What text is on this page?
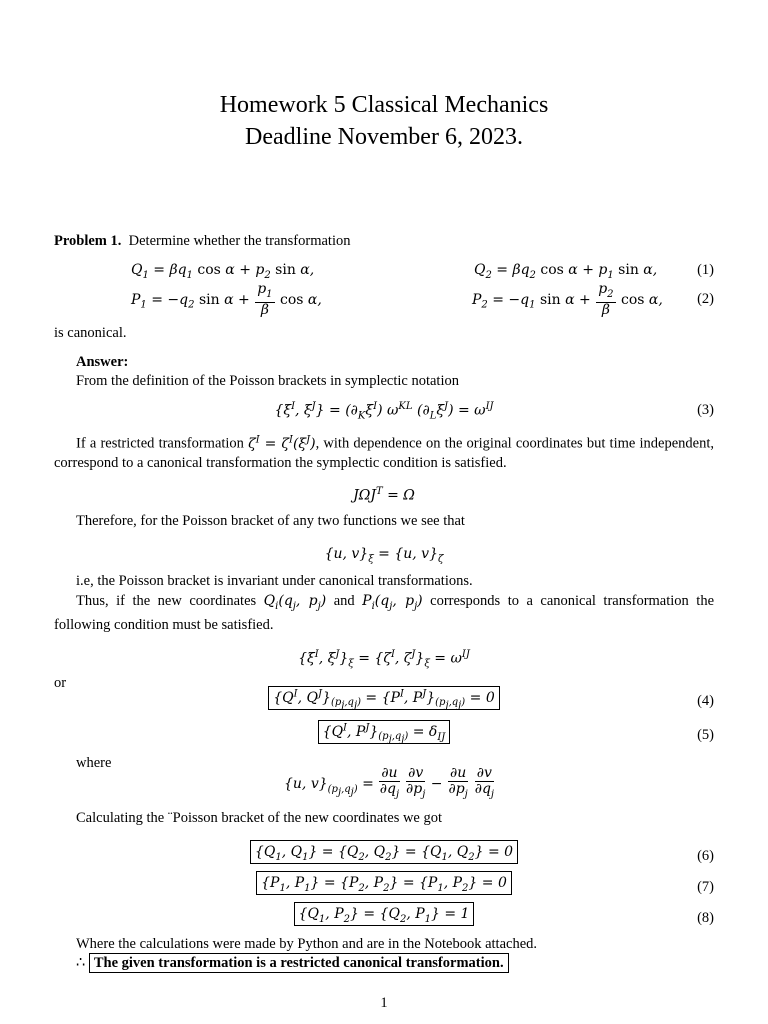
Homework 5 Classical Mechanics
Deadline November 6, 2023.
Problem 1. Determine whether the transformation
$Q_1 = \beta q_1$ $\cos \alpha + p_2$ sin α,	$Q_2 = \beta q_2$ $\cos \alpha + p_1$ sin α,	(1)
$P_1 = -q_2$ $\sin \alpha + \frac{p_1}{\beta}$ cos α,	$P_2 = -q_1$ $\sin \alpha + \frac{p_2}{\beta}$ cos α, (2)
is canonical.
Answer:
From the definition of the Poisson brackets in symplectic notation
{$\xi^I$, $\xi^J\} = (\partial_K\xi^I)$ $\omega^{KL}$ $(\partial_L\xi^J) = \omega^{IJ}$	(3)
If a restricted transformation $\zeta^I = \zeta^I(\xi^J)$, with dependence on the original coordinates but time independent, correspond to a canonical transformation the symplectic condition is satisfied.
$J\Omega J^T = \Omega$
Therefore, for the Poisson bracket of any two functions we see that
{u, $v\}_\xi = \{u$, $v\}_\zeta$
i.e, the Poisson bracket is invariant under canonical transformations.
Thus, if the new coordinates $Q_i(q_j$, $p_j$) and $P_i(q_j$, $p_j$) corresponds to a canonical transformation the following condition must be satisfied.
{$\xi^I$, $\xi^J\}_\xi = \{\zeta^I$, $\zeta^J\}_\xi = \omega^{IJ}$
or
{$Q^I$, $Q^J\}_{(p_j,q_j)} = \{P^I$, $P^J\}_{(p_j,q_j)} = 0$	(4)
{$Q^I$, $P^J\}_{(p_j,q_j)} = \delta_{IJ}$	(5)
where
{u, $v\}_{(p_j,q_j)} = \frac{\partial u}{\partial q_j}$
$\frac{\partial v}{\partial p_j} - \frac{\partial u}{\partial p_j}$
$\frac{\partial v}{\partial q_j}$
Calculating the ¨Poisson bracket of the new coordinates we got
{$Q_1$, $Q_1\} = \{Q_2$, $Q_2\} = \{Q_1$, $Q_2\} = 0$	(6)
{$P_1$, $P_1\} = \{P_2$, $P_2\} = \{P_1$, $P_2\} = 0$	(7)
{$Q_1$, $P_2\} = \{Q_2$, $P_1\} = 1$	(8)
Where the calculations were made by Python and are in the Notebook attached.
∴ The given transformation is a restricted canonical transformation.
1
